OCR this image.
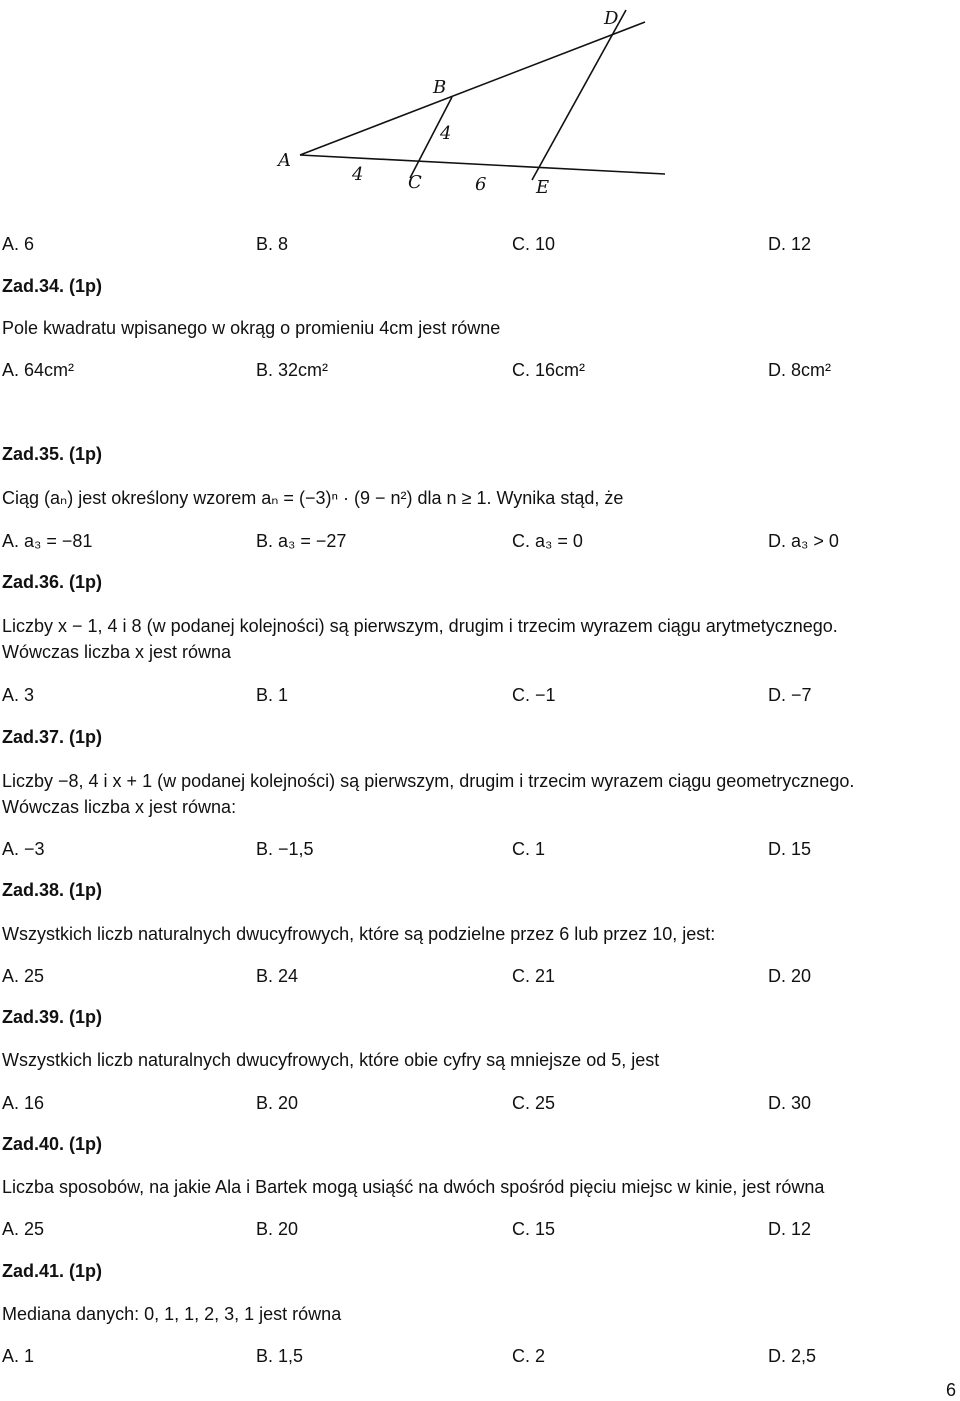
A
B
C
D
E
4
4
6
A. 6	B. 8	C. 10	D. 12
Zad.34. (1p)
Pole kwadratu wpisanego w okrąg o promieniu 4cm jest równe
A. 64cm²	B. 32cm²	C. 16cm²	D. 8cm²
Zad.35. (1p)
Ciąg (aₙ) jest określony wzorem aₙ = (−3)ⁿ · (9 − n²) dla n ≥ 1. Wynika stąd, że
A. a₃ = −81	B. a₃ = −27	C. a₃ = 0	D. a₃ > 0
Zad.36. (1p)
Liczby x − 1, 4 i 8 (w podanej kolejności) są pierwszym, drugim i trzecim wyrazem ciągu arytmetycznego.
Wówczas liczba x jest równa
A. 3	B. 1	C. −1	D. −7
Zad.37. (1p)
Liczby −8, 4 i x + 1 (w podanej kolejności) są pierwszym, drugim i trzecim wyrazem ciągu geometrycznego.
Wówczas liczba x jest równa:
A. −3	B. −1,5	C. 1	D. 15
Zad.38. (1p)
Wszystkich liczb naturalnych dwucyfrowych, które są podzielne przez 6 lub przez 10, jest:
A. 25	B. 24	C. 21	D. 20
Zad.39. (1p)
Wszystkich liczb naturalnych dwucyfrowych, które obie cyfry są mniejsze od 5, jest
A. 16	B. 20	C. 25	D. 30
Zad.40. (1p)
Liczba sposobów, na jakie Ala i Bartek mogą usiąść na dwóch spośród pięciu miejsc w kinie, jest równa
A. 25	B. 20	C. 15	D. 12
Zad.41. (1p)
Mediana danych: 0, 1, 1, 2, 3, 1 jest równa
A. 1	B. 1,5	C. 2	D. 2,5
6
